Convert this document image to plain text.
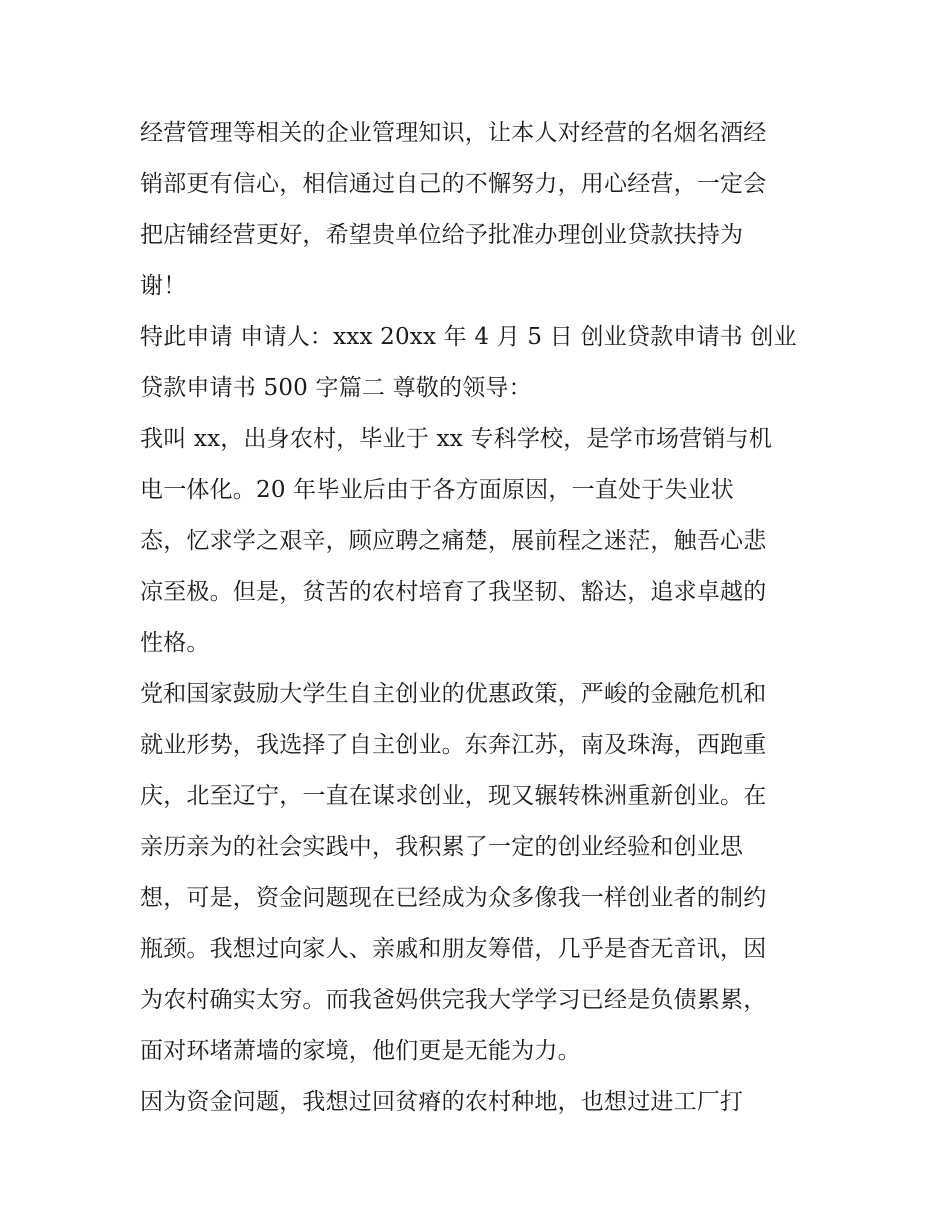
经营管理等相关的企业管理知识，让本人对经营的名烟名酒经
销部更有信心，相信通过自己的不懈努力，用心经营，一定会
把店铺经营更好，希望贵单位给予批准办理创业贷款扶持为
谢！
特此申请 申请人：xxx 20xx 年 4 月 5 日 创业贷款申请书 创业
贷款申请书 500 字篇二 尊敬的领导：
我叫 xx，出身农村，毕业于 xx 专科学校，是学市场营销与机
电一体化。20 年毕业后由于各方面原因，一直处于失业状
态，忆求学之艰辛，顾应聘之痛楚，展前程之迷茫，触吾心悲
凉至极。但是，贫苦的农村培育了我坚韧、豁达，追求卓越的
性格。
党和国家鼓励大学生自主创业的优惠政策，严峻的金融危机和
就业形势，我选择了自主创业。东奔江苏，南及珠海，西跑重
庆，北至辽宁，一直在谋求创业，现又辗转株洲重新创业。在
亲历亲为的社会实践中，我积累了一定的创业经验和创业思
想，可是，资金问题现在已经成为众多像我一样创业者的制约
瓶颈。我想过向家人、亲戚和朋友筹借，几乎是杳无音讯，因
为农村确实太穷。而我爸妈供完我大学学习已经是负债累累，
面对环堵萧墙的家境，他们更是无能为力。
因为资金问题，我想过回贫瘠的农村种地，也想过进工厂打
